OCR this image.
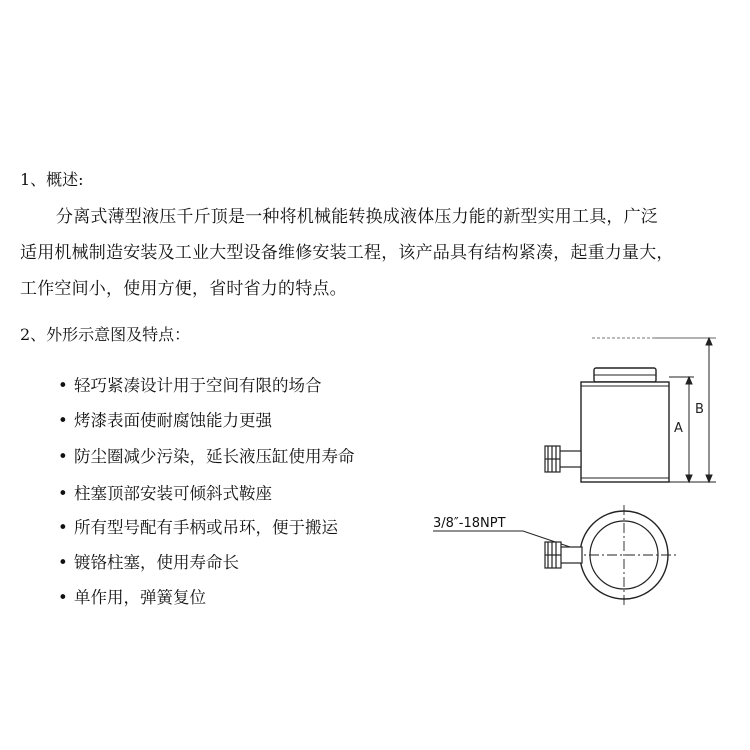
1、概述:
分离式薄型液压千斤顶是一种将机械能转换成液体压力能的新型实用工具，广泛
适用机械制造安装及工业大型设备维修安装工程，该产品具有结构紧凑，起重力量大，
工作空间小，使用方便，省时省力的特点。
2、外形示意图及特点：
• 轻巧紧凑设计用于空间有限的场合
• 烤漆表面使耐腐蚀能力更强
• 防尘圈减少污染，延长液压缸使用寿命
• 柱塞顶部安装可倾斜式鞍座
• 所有型号配有手柄或吊环，便于搬运
• 镀铬柱塞，使用寿命长
• 单作用，弹簧复位
A
B
3/8″-18NPT
